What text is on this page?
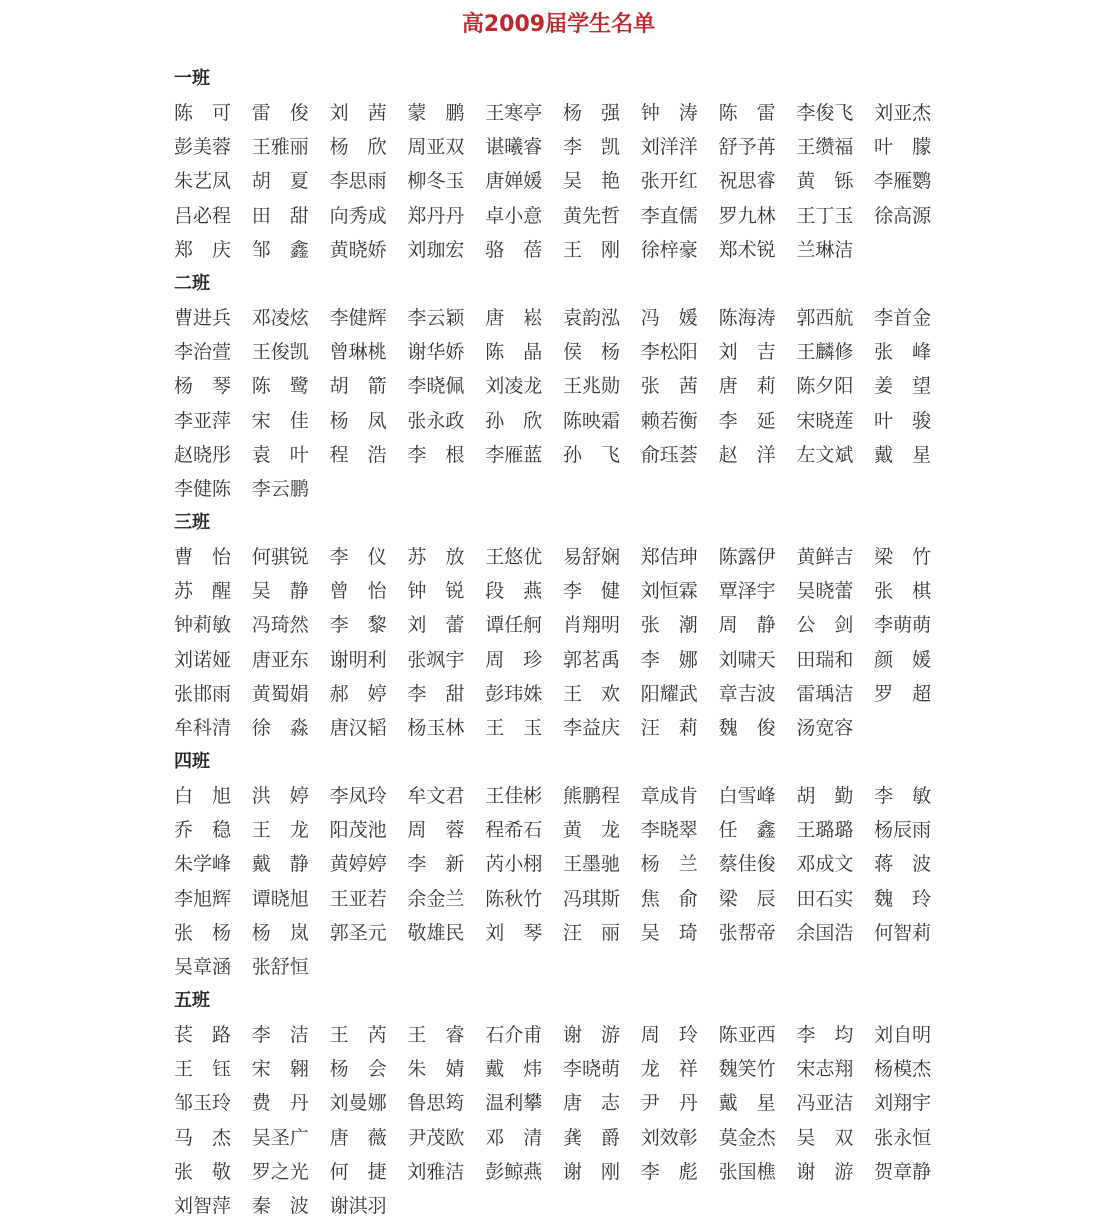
高2009届学生名单
一班
陈可雷俊刘茜蒙鹏王寒亭 杨强钟涛陈雷李俊飞 刘亚杰
彭美蓉 王雅丽 杨欣周亚双 谌曦睿 李凯刘洋洋 舒予苒 王缵福 叶朦
朱艺凤 胡夏李思雨 柳冬玉 唐婵媛 吴艳张开红 祝思睿 黄铄李雁鹦
吕必程 田甜向秀成 郑丹丹 卓小意 黄先哲 李直儒 罗九林 王丁玉 徐高源
郑庆邹鑫黄晓娇 刘珈宏 骆蓓王刚徐梓豪 郑术锐 兰琳洁
二班
曹进兵 邓凌炫 李健辉 李云颖 唐崧袁韵泓 冯媛陈海涛 郭西航 李首金
李治萱 王俊凯 曾琳桃 谢华娇 陈晶侯杨李松阳 刘吉王麟修 张峰
杨琴陈鹭胡箭李晓佩 刘凌龙 王兆勋 张茜唐莉陈夕阳 姜望
李亚萍 宋佳杨凤张永政 孙欣陈映霜 赖若衡 李延宋晓莲 叶骏
赵晓彤 袁叶程浩李根李雁蓝 孙飞俞珏荟 赵洋左文斌 戴星
李健陈 李云鹏
三班
曹怡何骐锐 李仪苏放王悠优 易舒娴 郑佶珅 陈露伊 黄鲜吉 梁竹
苏醒吴静曾怡钟锐段燕李健刘恒霖 覃泽宇 吴晓蕾 张棋
钟莉敏 冯琦然 李黎刘蕾谭任舸 肖翔明 张潮周静公剑李萌萌
刘诺娅 唐亚东 谢明利 张飒宇 周珍郭茗禹 李娜刘啸天 田瑞和 颜媛
张邯雨 黄蜀娟 郝婷李甜彭玮姝 王欢阳耀武 章吉波 雷瑀洁 罗超
牟科清 徐淼唐汉韬 杨玉林 王玉李益庆 汪莉魏俊汤宽容
四班
白旭洪婷李凤玲 牟文君 王佳彬 熊鹏程 章成肯 白雪峰 胡勤李敏
乔稳王龙阳茂池 周蓉程希石 黄龙李晓翠 任鑫王璐璐 杨辰雨
朱学峰 戴静黄婷婷 李新芮小栩 王墨驰 杨兰蔡佳俊 邓成文 蒋波
李旭辉 谭晓旭 王亚若 余金兰 陈秋竹 冯琪斯 焦俞梁辰田石实 魏玲
张杨杨岚郭圣元 敬雄民 刘琴汪丽吴琦张帮帝 余国浩 何智莉
吴章涵 张舒恒
五班
苌路李洁王芮王睿石介甫 谢游周玲陈亚西 李均刘自明
王钰宋翱杨会朱婧戴炜李晓萌 龙祥魏笑竹 宋志翔 杨模杰
邹玉玲 费丹刘曼娜 鲁思筠 温利攀 唐志尹丹戴星冯亚洁 刘翔宇
马杰吴圣广 唐薇尹茂欧 邓清龚爵刘效彰 莫金杰 吴双张永恒
张敬罗之光 何捷刘雅洁 彭鲸燕 谢刚李彪张国樵 谢游贺章静
刘智萍 秦波谢淇羽
